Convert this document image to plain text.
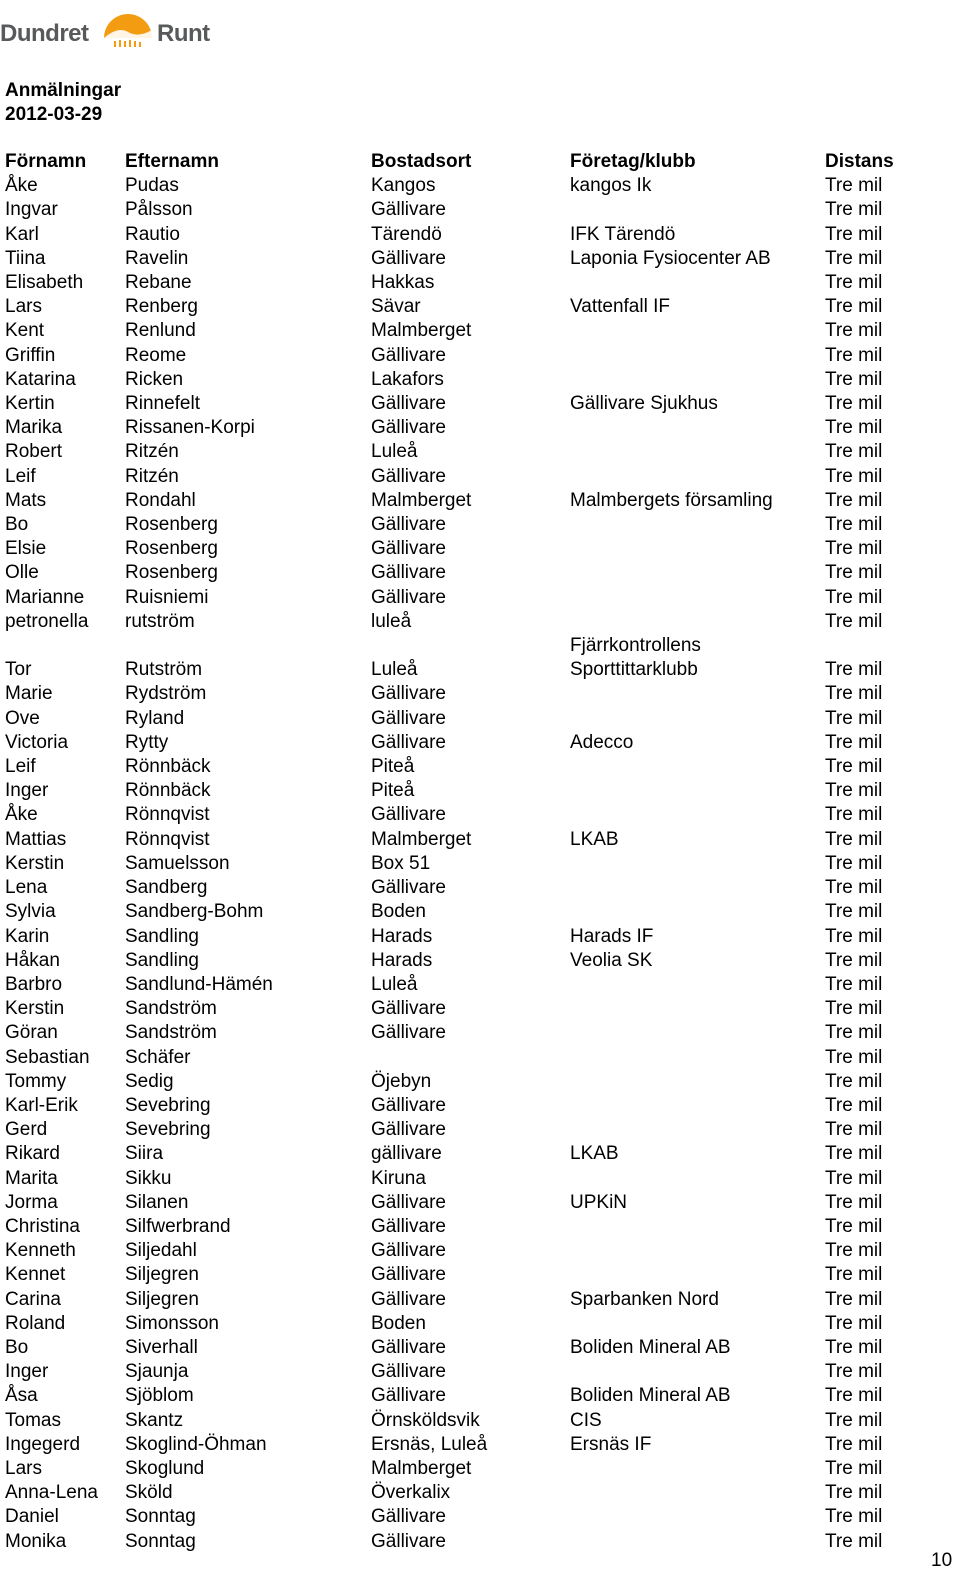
Dundret	Runt
Anmälningar
2012-03-29
Förnamn	Efternamn	Bostadsort	Företag/klubb	Distans
Åke	Pudas	Kangos	kangos Ik	Tre mil
Ingvar	Pålsson	Gällivare		Tre mil
Karl	Rautio	Tärendö	IFK Tärendö	Tre mil
Tiina	Ravelin	Gällivare	Laponia Fysiocenter AB	Tre mil
Elisabeth	Rebane	Hakkas		Tre mil
Lars	Renberg	Sävar	Vattenfall IF	Tre mil
Kent	Renlund	Malmberget		Tre mil
Griffin	Reome	Gällivare		Tre mil
Katarina	Ricken	Lakafors		Tre mil
Kertin	Rinnefelt	Gällivare	Gällivare Sjukhus	Tre mil
Marika	Rissanen-Korpi	Gällivare		Tre mil
Robert	Ritzén	Luleå		Tre mil
Leif	Ritzén	Gällivare		Tre mil
Mats	Rondahl	Malmberget	Malmbergets församling	Tre mil
Bo	Rosenberg	Gällivare		Tre mil
Elsie	Rosenberg	Gällivare		Tre mil
Olle	Rosenberg	Gällivare		Tre mil
Marianne	Ruisniemi	Gällivare		Tre mil
petronella	rutström	luleå		Tre mil
Tor	Rutström	Luleå	Fjärrkontrollens Sporttittarklubb	Tre mil
Marie	Rydström	Gällivare		Tre mil
Ove	Ryland	Gällivare		Tre mil
Victoria	Rytty	Gällivare	Adecco	Tre mil
Leif	Rönnbäck	Piteå		Tre mil
Inger	Rönnbäck	Piteå		Tre mil
Åke	Rönnqvist	Gällivare		Tre mil
Mattias	Rönnqvist	Malmberget	LKAB	Tre mil
Kerstin	Samuelsson	Box 51		Tre mil
Lena	Sandberg	Gällivare		Tre mil
Sylvia	Sandberg-Bohm	Boden		Tre mil
Karin	Sandling	Harads	Harads IF	Tre mil
Håkan	Sandling	Harads	Veolia SK	Tre mil
Barbro	Sandlund-Hämén	Luleå		Tre mil
Kerstin	Sandström	Gällivare		Tre mil
Göran	Sandström	Gällivare		Tre mil
Sebastian	Schäfer			Tre mil
Tommy	Sedig	Öjebyn		Tre mil
Karl-Erik	Sevebring	Gällivare		Tre mil
Gerd	Sevebring	Gällivare		Tre mil
Rikard	Siira	gällivare	LKAB	Tre mil
Marita	Sikku	Kiruna		Tre mil
Jorma	Silanen	Gällivare	UPKiN	Tre mil
Christina	Silfwerbrand	Gällivare		Tre mil
Kenneth	Siljedahl	Gällivare		Tre mil
Kennet	Siljegren	Gällivare		Tre mil
Carina	Siljegren	Gällivare	Sparbanken Nord	Tre mil
Roland	Simonsson	Boden		Tre mil
Bo	Siverhall	Gällivare	Boliden Mineral AB	Tre mil
Inger	Sjaunja	Gällivare		Tre mil
Åsa	Sjöblom	Gällivare	Boliden Mineral AB	Tre mil
Tomas	Skantz	Örnsköldsvik	CIS	Tre mil
Ingegerd	Skoglind-Öhman	Ersnäs, Luleå	Ersnäs IF	Tre mil
Lars	Skoglund	Malmberget		Tre mil
Anna-Lena	Sköld	Överkalix		Tre mil
Daniel	Sonntag	Gällivare		Tre mil
Monika	Sonntag	Gällivare		Tre mil
10
